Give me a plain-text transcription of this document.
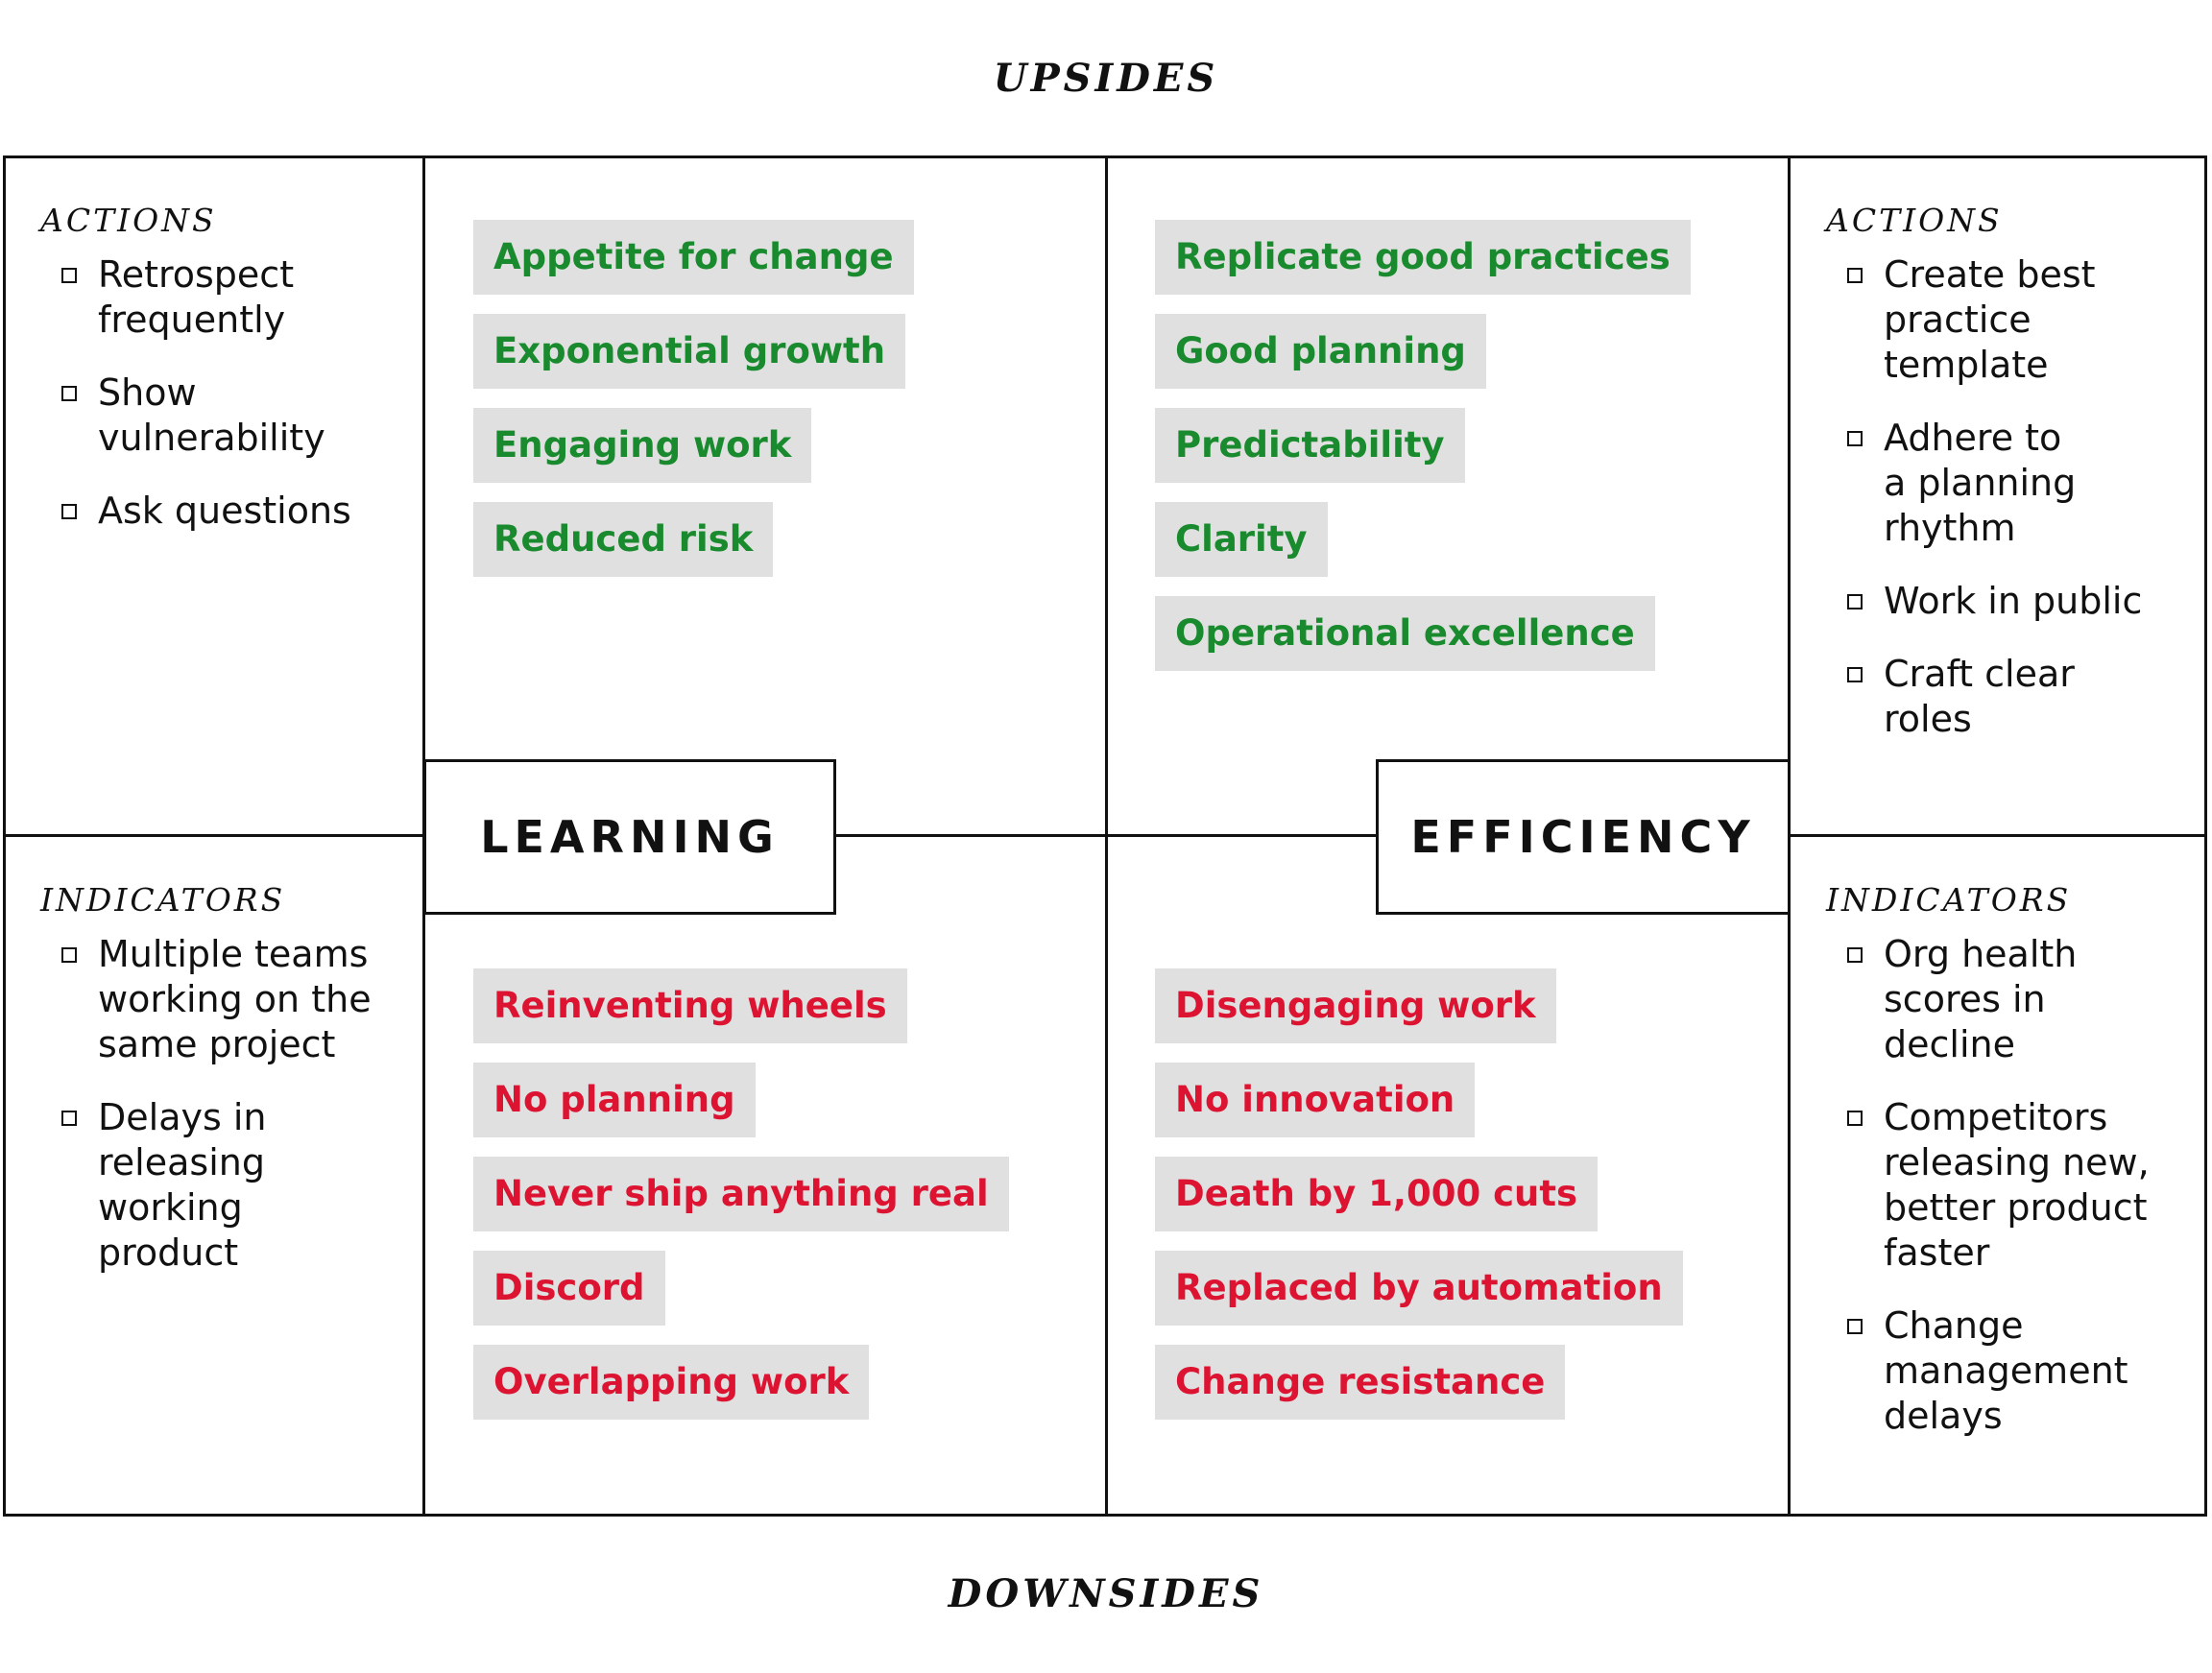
UPSIDES
LEARNING	EFFICIENCY
ACTIONS
Retrospect frequently
Show vulnerability
Ask questions
INDICATORS
Multiple teams working on the same project
Delays in releasing working product
ACTIONS
Create best practice template
Adhere to a planning rhythm
Work in public
Craft clear roles
INDICATORS
Org health scores in decline
Competitors releasing new, better product faster
Change management delays
Appetite for change
Exponential growth
Engaging work
Reduced risk
Replicate good practices
Good planning
Predictability
Clarity
Operational excellence
Reinventing wheels
No planning
Never ship anything real
Discord
Overlapping work
Disengaging work
No innovation
Death by 1,000 cuts
Replaced by automation
Change resistance
DOWNSIDES
